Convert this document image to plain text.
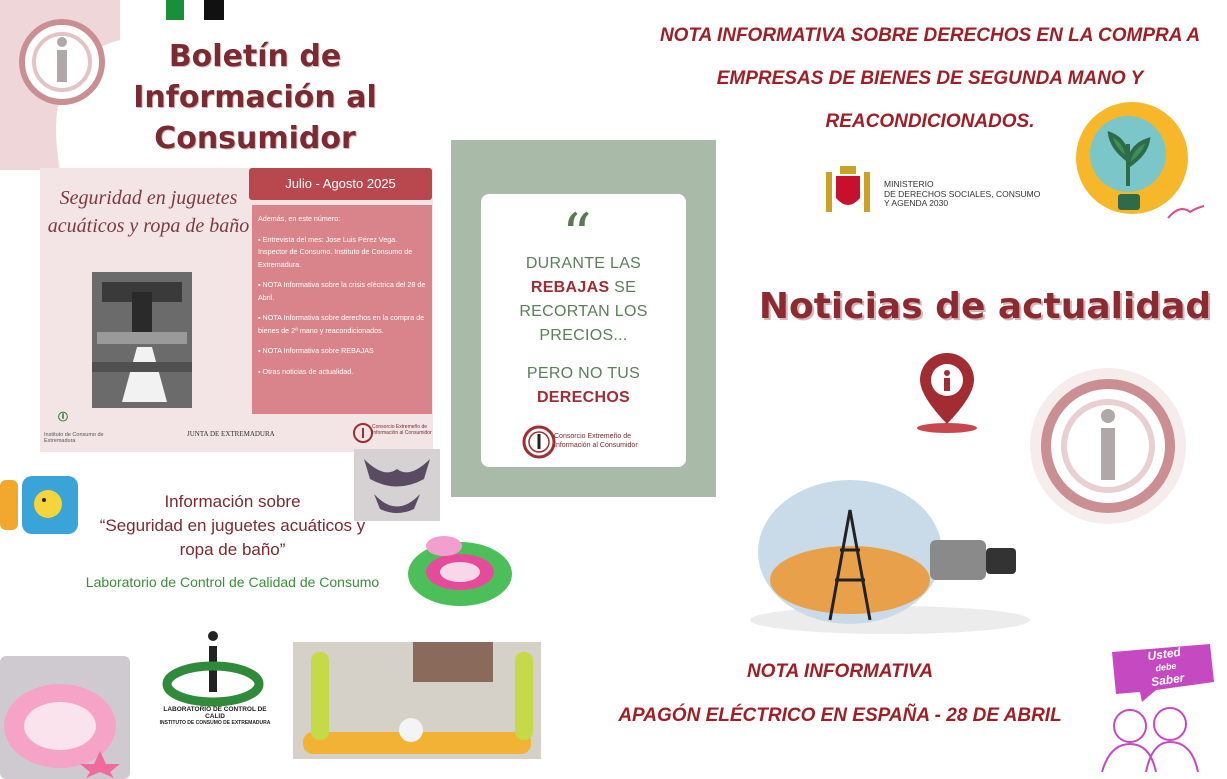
Boletín de Información al Consumidor
Seguridad en juguetes acuáticos y ropa de baño
Julio - Agosto 2025

Además, en este número:

▪ Entrevista del mes: Jose Luis Pérez Vega. Inspector de Consumo. Instituto de Consumo de Extremadura.

▪ NOTA Informativa sobre la crisis eléctrica del 28 de Abril.

▪ NOTA Informativa sobre derechos en la compra de bienes de 2ª mano y reacondicionados.

▪ NOTA Informativa sobre REBAJAS

▪ Otras noticias de actualidad.

Instituto de Consumo de Extremadura
JUNTA DE EXTREMADURA
Consorcio Extremeño de Información al Consumidor
“
DURANTE LAS
REBAJAS SE
RECORTAN LOS
PRECIOS...
PERO NO TUS
DERECHOS
Consorcio Extremeño de Información al Consumidor
Información sobre
“Seguridad en juguetes acuáticos y
ropa de baño”
Laboratorio de Control de Calidad de Consumo
LABORATORIO DE CONTROL DE CALID
INSTITUTO DE CONSUMO DE EXTREMADURA
NOTA INFORMATIVA SOBRE DERECHOS EN LA COMPRA A
EMPRESAS DE BIENES DE SEGUNDA MANO Y
REACONDICIONADOS.
MINISTERIO
DE DERECHOS SOCIALES, CONSUMO
Y AGENDA 2030
Noticias de actualidad
NOTA INFORMATIVA
APAGÓN ELÉCTRICO EN ESPAÑA - 28 DE ABRIL
Usted
debe
Saber
